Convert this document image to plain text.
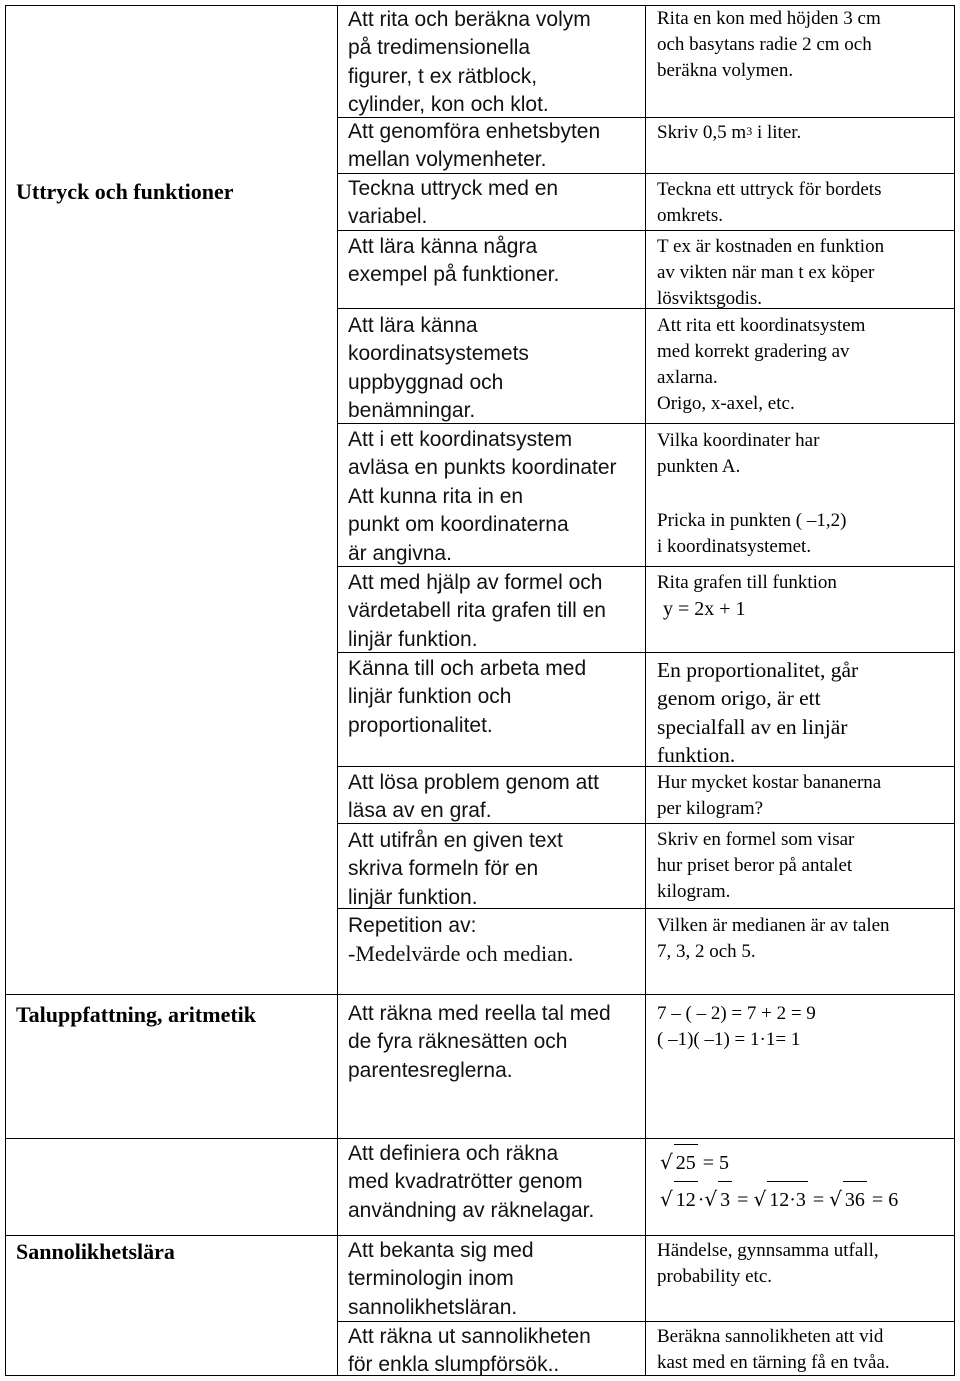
Uttryck och funktioner
Taluppfattning, aritmetik
Sannolikhetslära
Att rita och beräkna volym
på tredimensionella
figurer, t ex rätblock,
cylinder, kon och klot.
Att genomföra enhetsbyten
mellan volymenheter.
Teckna uttryck med en
variabel.
Att lära känna några
exempel på funktioner.
Att lära känna
koordinatsystemets
uppbyggnad och
benämningar.
Att i ett koordinatsystem
avläsa en punkts koordinater
Att kunna rita in en
punkt om koordinaterna
är angivna.
Att med hjälp av formel och
värdetabell rita grafen till en
linjär funktion.
Känna till och arbeta med
linjär funktion och
proportionalitet.
Att lösa problem genom att
läsa av en graf.
Att utifrån en given text
skriva formeln för en
linjär funktion.
Repetition av:
-Medelvärde och median.
Rita en kon med höjden 3 cm
och basytans radie 2 cm och
beräkna volymen.
Skriv 0,5 $m^3$ i liter.
Teckna ett uttryck för bordets
omkrets.
T ex är kostnaden en funktion
av vikten när man t ex köper
lösviktsgodis.
Att rita ett koordinatsystem
med korrekt gradering av
axlarna.
Origo, x-axel, etc.
Vilka koordinater har
punkten A.
Pricka in punkten ( –1,2)
i koordinatsystemet.
Rita grafen till funktion
y = 2x + 1
En proportionalitet, går
genom origo, är ett
specialfall av en linjär
funktion.
Hur mycket kostar bananerna
per kilogram?
Skriv en formel som visar
hur priset beror på antalet
kilogram.
Vilken är medianen är av talen
7, 3, 2 och 5.
Att räkna med reella tal med
de fyra räknesätten och
parentesreglerna.
7 – ( – 2) = 7 + 2 = 9
( –1)( –1) = 1·1= 1
Att definiera och räkna
med kvadratrötter genom
användning av räknelagar.
√ 25 = 5
√ 12 ·√ 3 = √ 12·3 = √ 36 = 6
Att bekanta sig med
terminologin inom
sannolikhetsläran.
Att räkna ut sannolikheten
för enkla slumpförsök..
Händelse, gynnsamma utfall,
probability etc.
Beräkna sannolikheten att vid
kast med en tärning få en tvåa.
